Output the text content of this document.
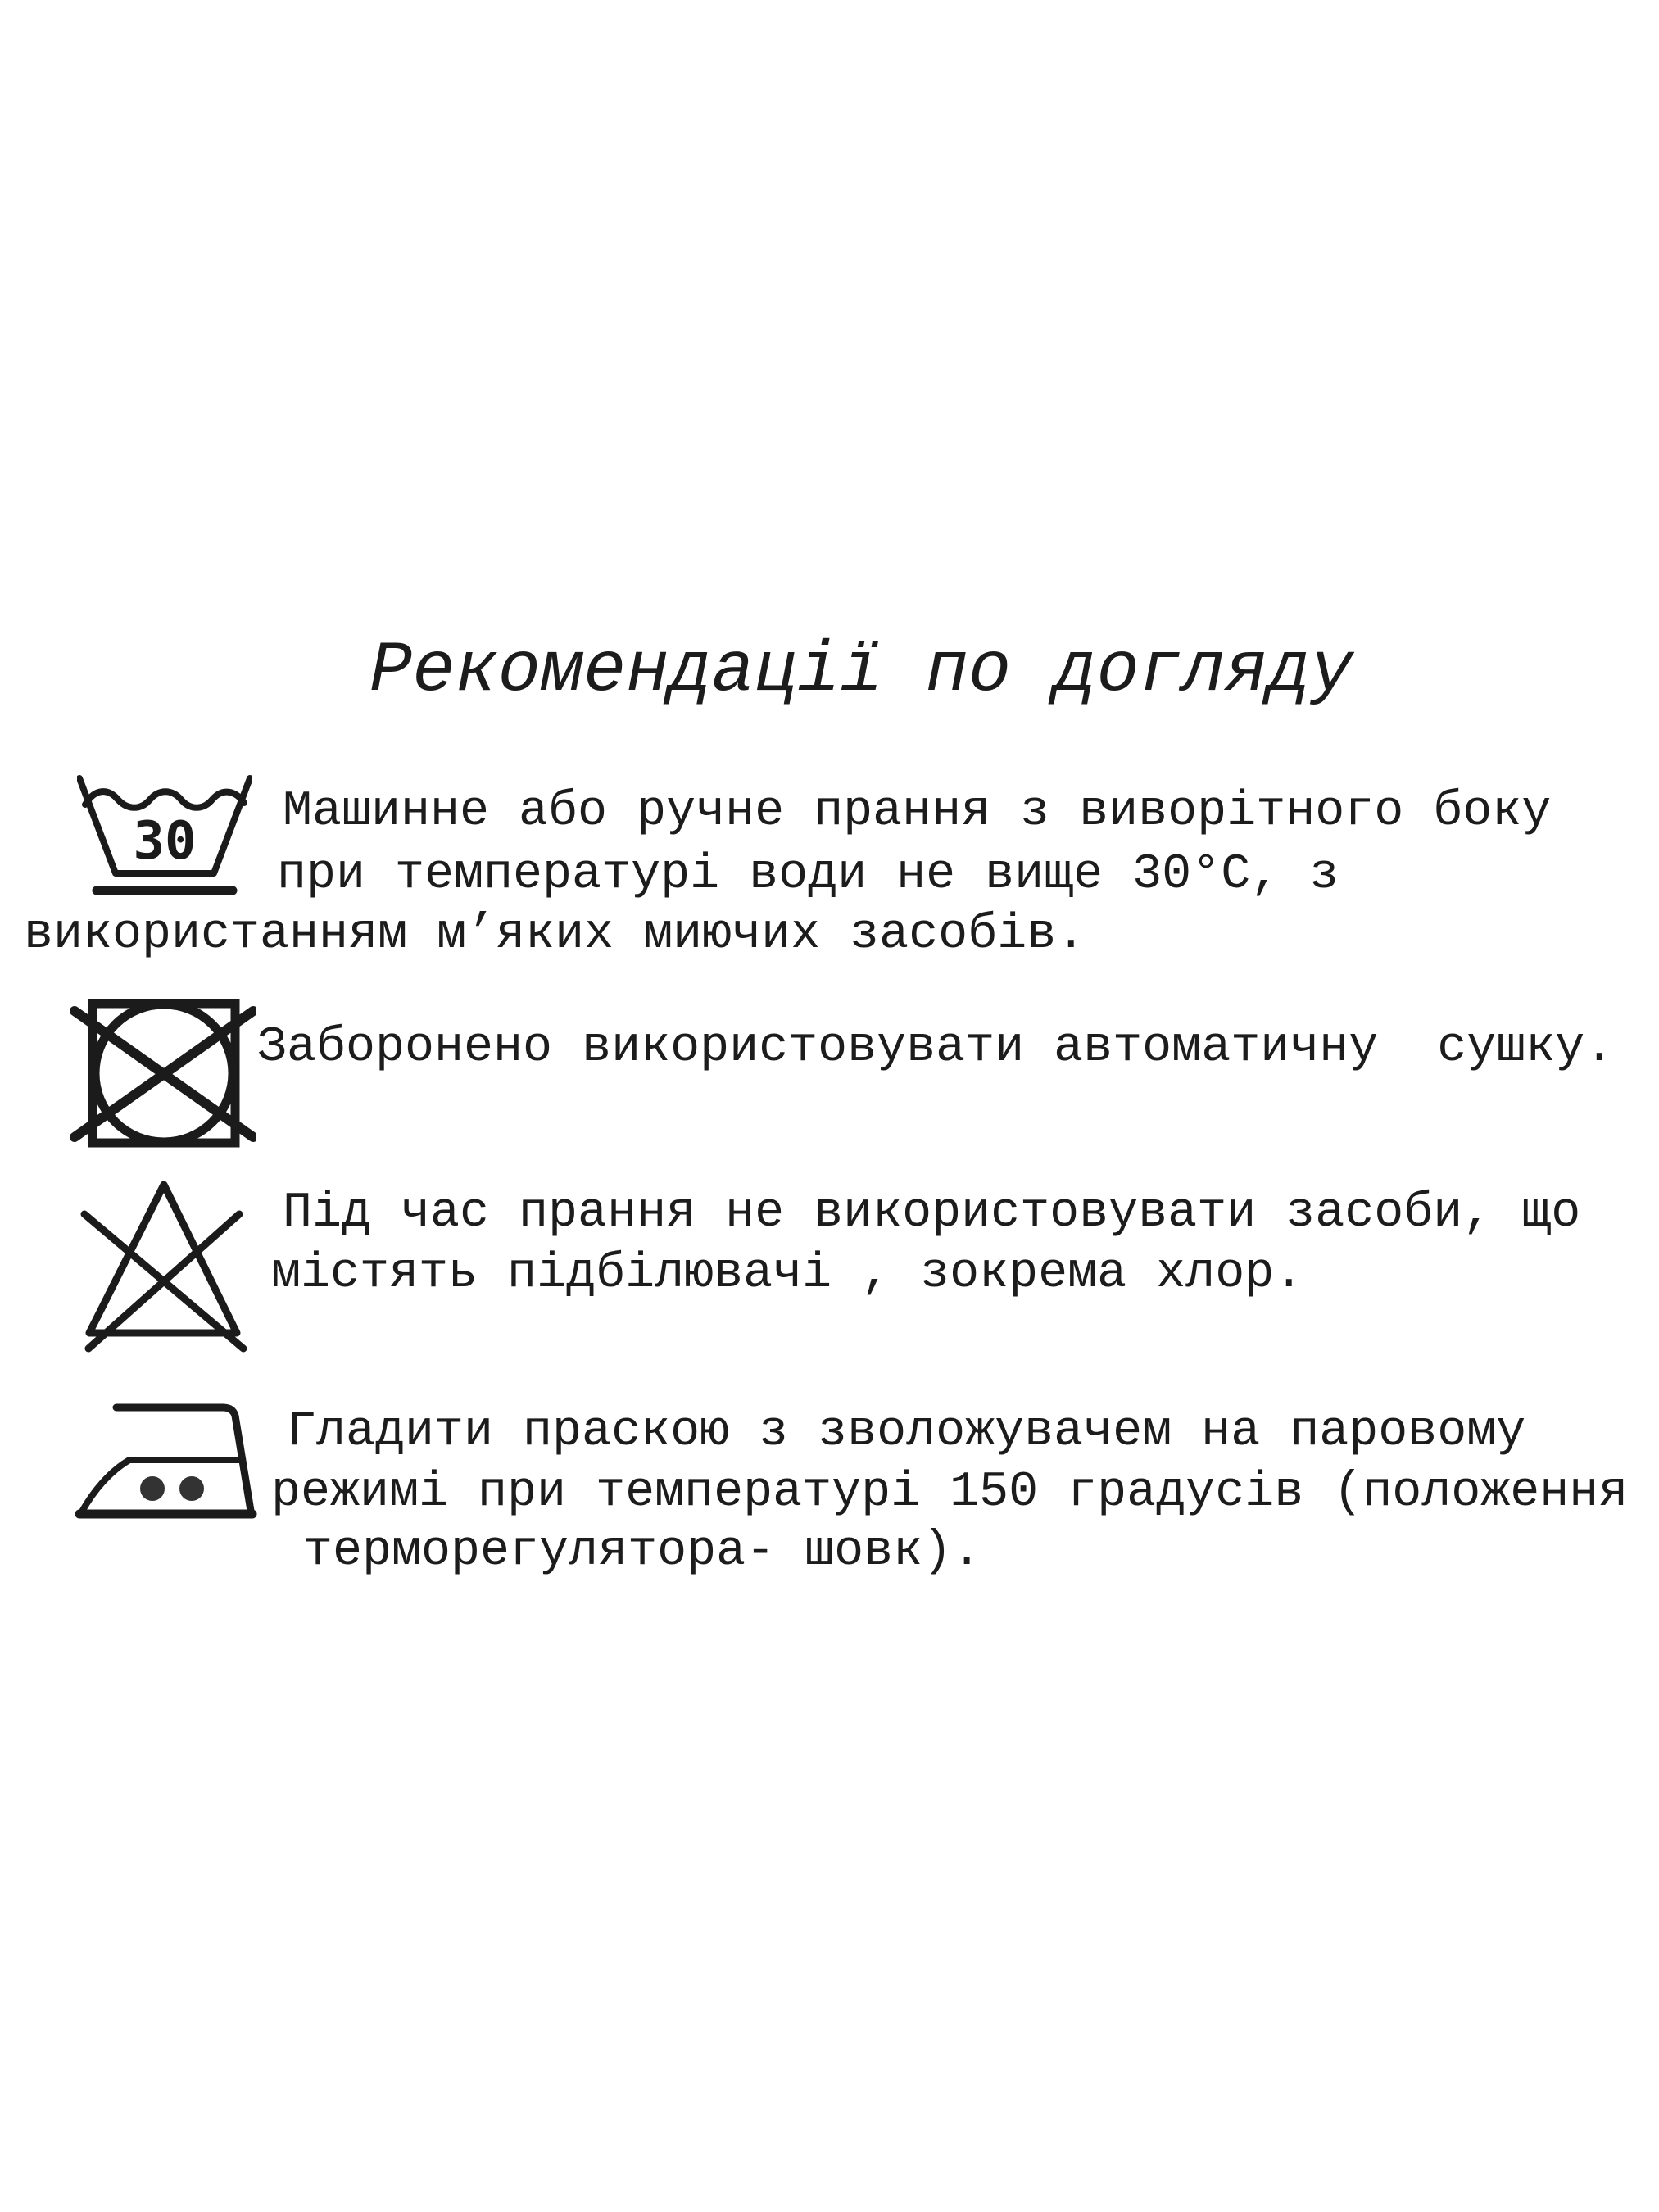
Рекомендації по догляду
30 Машинне або ручне прання з виворітного боку
при температурі води не вище 30°C, з
використанням м’яких миючих засобів.
Заборонено використовувати автоматичну  сушку.
Під час прання не використовувати засоби, що
містять підбілювачі , зокрема хлор.
Гладити праскою з зволожувачем на паровому
режимі при температурі 150 градусів (положення
терморегулятора- шовк).
